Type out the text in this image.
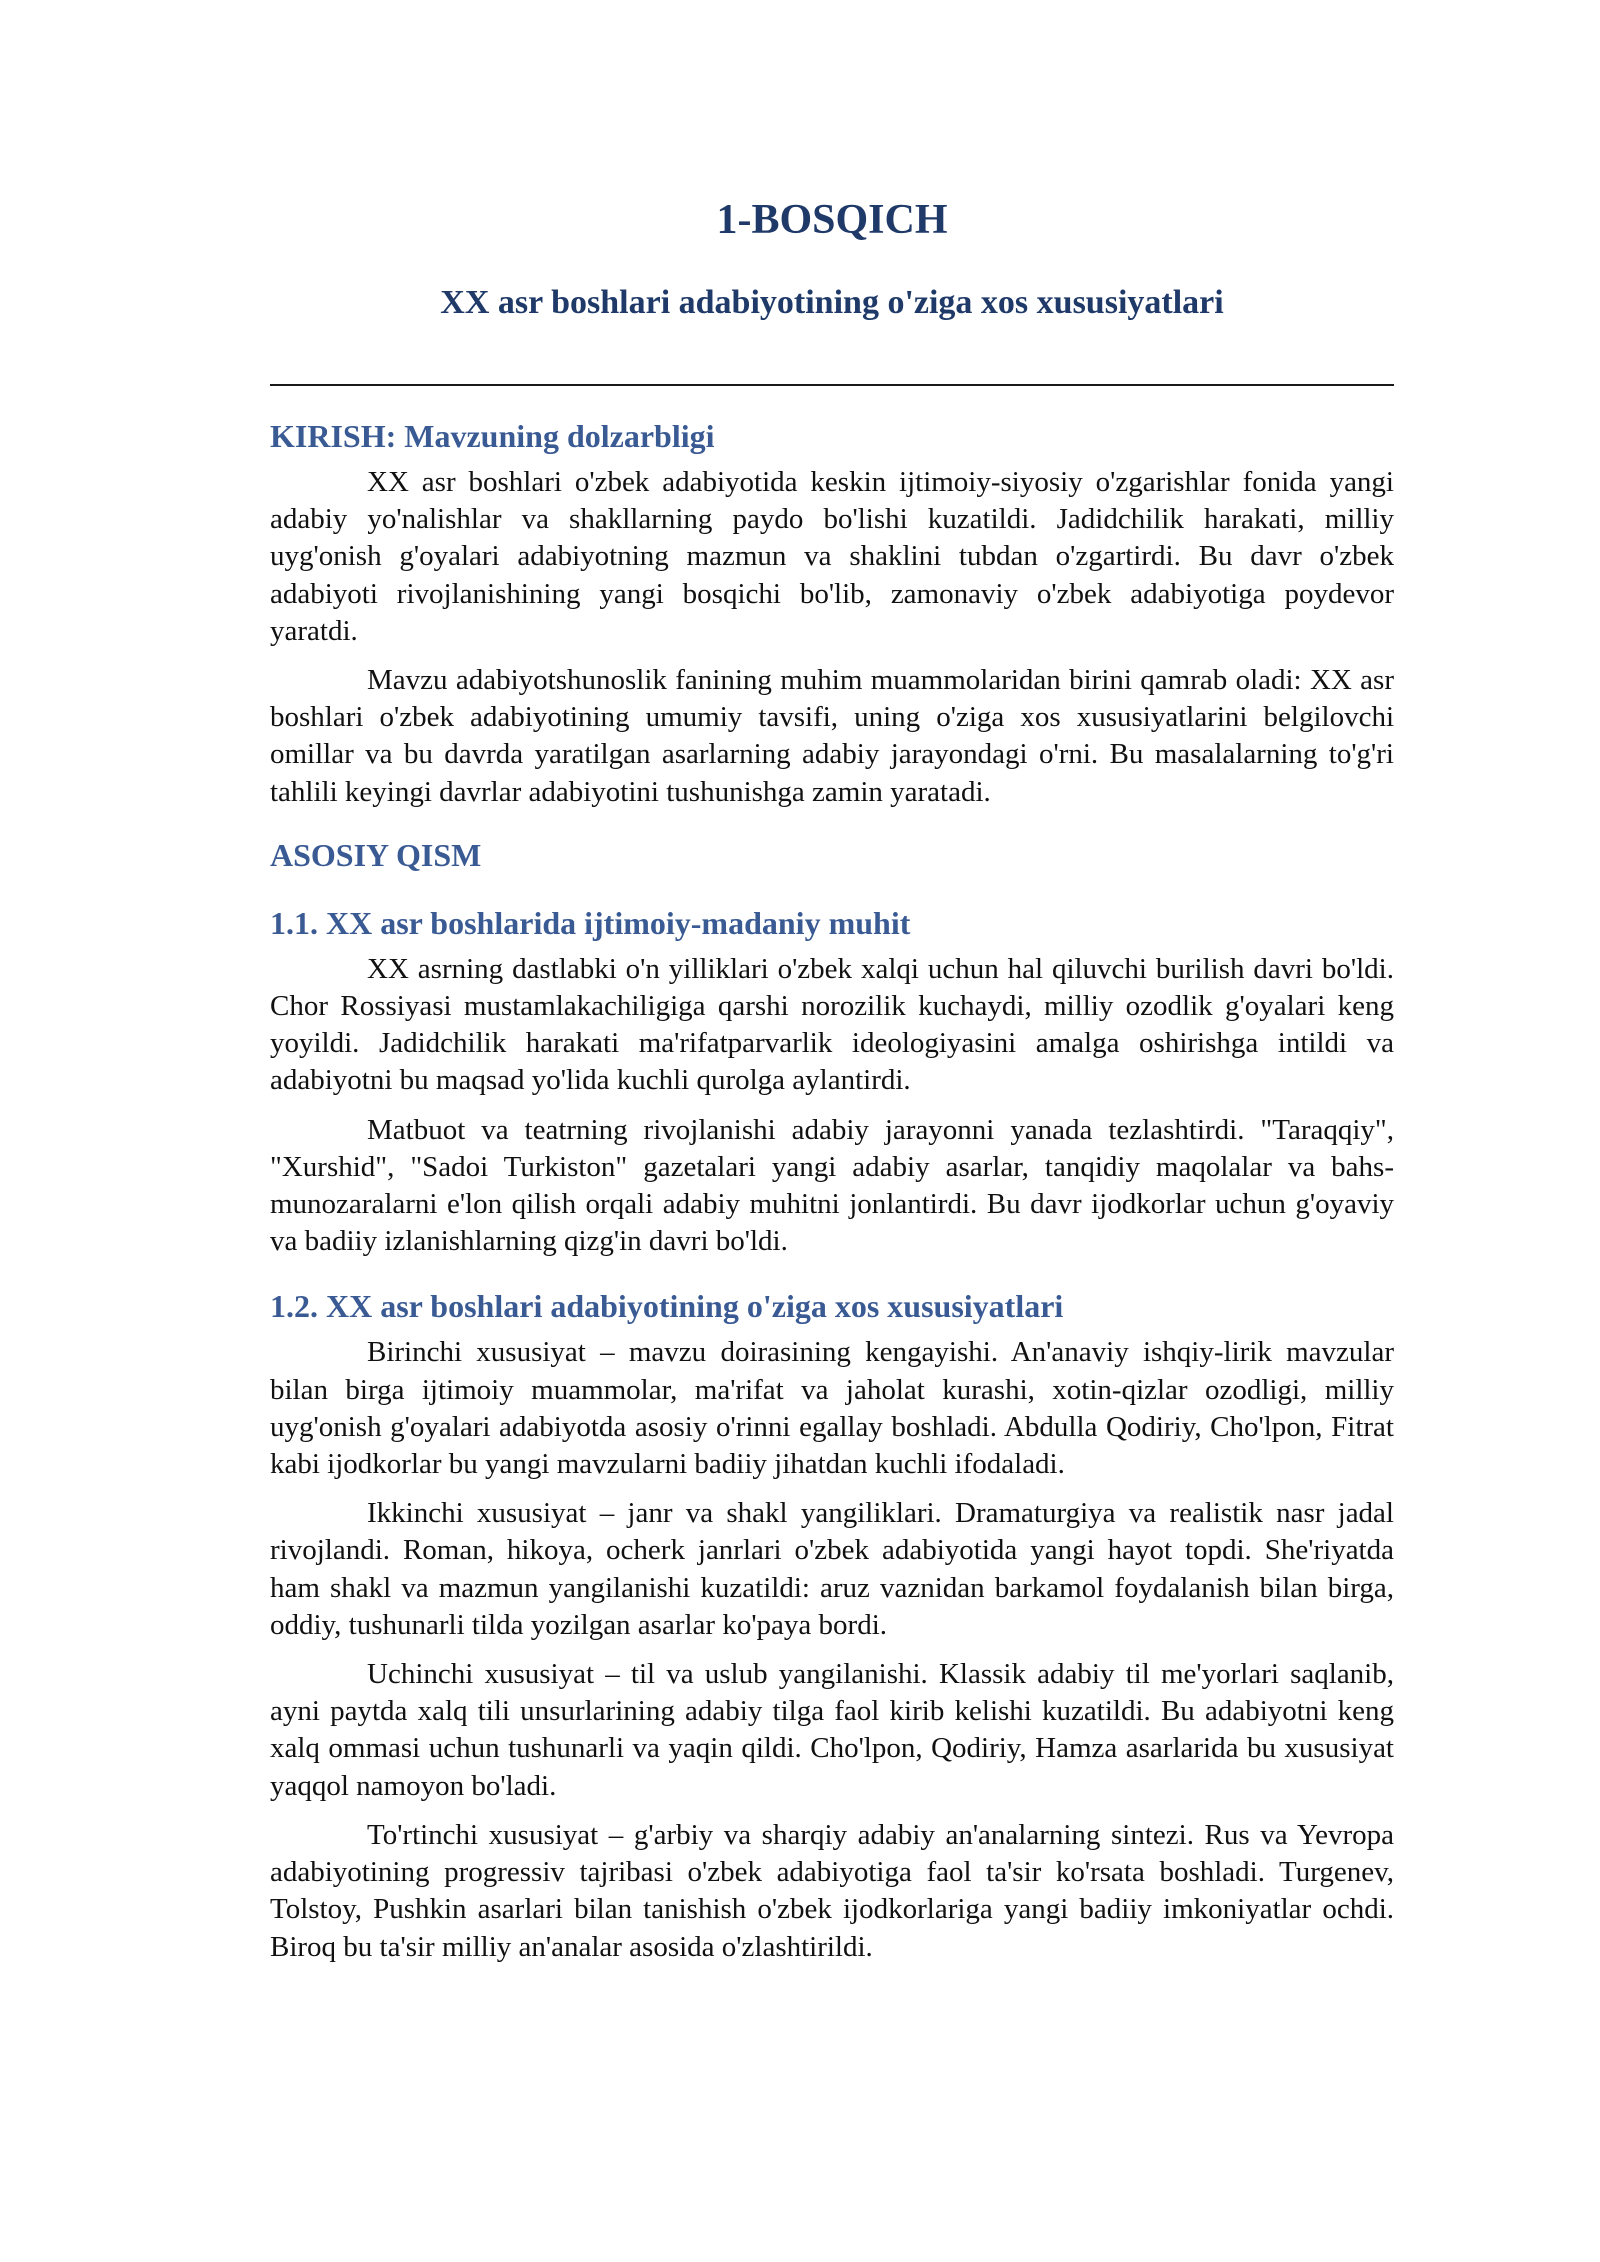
1-BOSQICH
XX asr boshlari adabiyotining o'ziga xos xususiyatlari
KIRISH: Mavzuning dolzarbligi

XX asr boshlari o'zbek adabiyotida keskin ijtimoiy-siyosiy o'zgarishlar fonida yangi adabiy yo'nalishlar va shakllarning paydo bo'lishi kuzatildi. Jadidchilik harakati, milliy uyg'onish g'oyalari adabiyotning mazmun va shaklini tubdan o'zgartirdi. Bu davr o'zbek adabiyoti rivojlanishining yangi bosqichi bo'lib, zamonaviy o'zbek adabiyotiga poydevor yaratdi.

Mavzu adabiyotshunoslik fanining muhim muammolaridan birini qamrab oladi: XX asr boshlari o'zbek adabiyotining umumiy tavsifi, uning o'ziga xos xususiyatlarini belgilovchi omillar va bu davrda yaratilgan asarlarning adabiy jarayondagi o'rni. Bu masalalarning to'g'ri tahlili keyingi davrlar adabiyotini tushunishga zamin yaratadi.

ASOSIY QISM
1.1. XX asr boshlarida ijtimoiy-madaniy muhit

XX asrning dastlabki o'n yilliklari o'zbek xalqi uchun hal qiluvchi burilish davri bo'ldi. Chor Rossiyasi mustamlakachiligiga qarshi norozilik kuchaydi, milliy ozodlik g'oyalari keng yoyildi. Jadidchilik harakati ma'rifatparvarlik ideologiyasini amalga oshirishga intildi va adabiyotni bu maqsad yo'lida kuchli qurolga aylantirdi.

Matbuot va teatrning rivojlanishi adabiy jarayonni yanada tezlashtirdi. "Taraqqiy", "Xurshid", "Sadoi Turkiston" gazetalari yangi adabiy asarlar, tanqidiy maqolalar va bahs-munozaralarni e'lon qilish orqali adabiy muhitni jonlantirdi. Bu davr ijodkorlar uchun g'oyaviy va badiiy izlanishlarning qizg'in davri bo'ldi.

1.2. XX asr boshlari adabiyotining o'ziga xos xususiyatlari

Birinchi xususiyat – mavzu doirasining kengayishi. An'anaviy ishqiy-lirik mavzular bilan birga ijtimoiy muammolar, ma'rifat va jaholat kurashi, xotin-qizlar ozodligi, milliy uyg'onish g'oyalari adabiyotda asosiy o'rinni egallay boshladi. Abdulla Qodiriy, Cho'lpon, Fitrat kabi ijodkorlar bu yangi mavzularni badiiy jihatdan kuchli ifodaladi.

Ikkinchi xususiyat – janr va shakl yangiliklari. Dramaturgiya va realistik nasr jadal rivojlandi. Roman, hikoya, ocherk janrlari o'zbek adabiyotida yangi hayot topdi. She'riyatda ham shakl va mazmun yangilanishi kuzatildi: aruz vaznidan barkamol foydalanish bilan birga, oddiy, tushunarli tilda yozilgan asarlar ko'paya bordi.

Uchinchi xususiyat – til va uslub yangilanishi. Klassik adabiy til me'yorlari saqlanib, ayni paytda xalq tili unsurlarining adabiy tilga faol kirib kelishi kuzatildi. Bu adabiyotni keng xalq ommasi uchun tushunarli va yaqin qildi. Cho'lpon, Qodiriy, Hamza asarlarida bu xususiyat yaqqol namoyon bo'ladi.

To'rtinchi xususiyat – g'arbiy va sharqiy adabiy an'analarning sintezi. Rus va Yevropa adabiyotining progressiv tajribasi o'zbek adabiyotiga faol ta'sir ko'rsata boshladi. Turgenev, Tolstoy, Pushkin asarlari bilan tanishish o'zbek ijodkorlariga yangi badiiy imkoniyatlar ochdi. Biroq bu ta'sir milliy an'analar asosida o'zlashtirildi.
